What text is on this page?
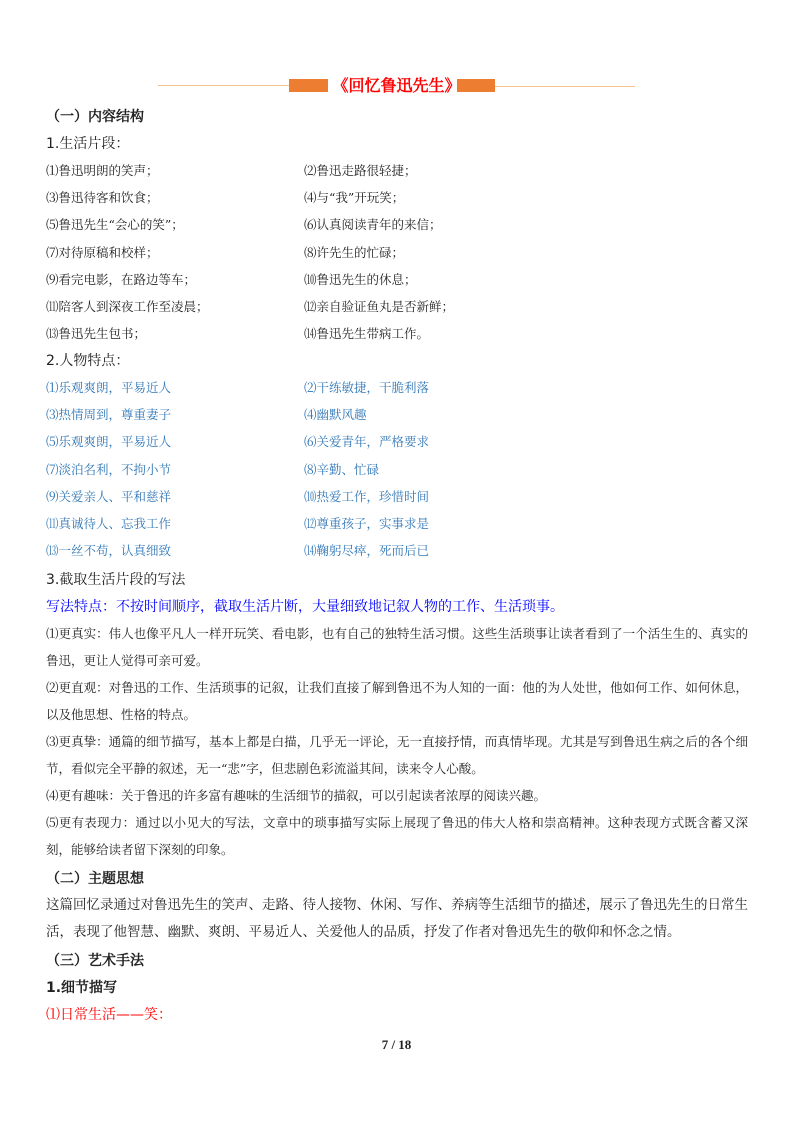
《回忆鲁迅先生》
（一）内容结构
1.生活片段：
⑴鲁迅明朗的笑声；	⑵鲁迅走路很轻捷；
⑶鲁迅待客和饮食；	⑷与“我”开玩笑；
⑸鲁迅先生“会心的笑”；	⑹认真阅读青年的来信；
⑺对待原稿和校样；	⑻许先生的忙碌；
⑼看完电影，在路边等车；	⑽鲁迅先生的休息；
⑾陪客人到深夜工作至凌晨；	⑿亲自验证鱼丸是否新鲜；
⒀鲁迅先生包书；	⒁鲁迅先生带病工作。
2.人物特点：
⑴乐观爽朗，平易近人	⑵干练敏捷，干脆利落
⑶热情周到，尊重妻子	⑷幽默风趣
⑸乐观爽朗，平易近人	⑹关爱青年，严格要求
⑺淡泊名利，不拘小节	⑻辛勤、忙碌
⑼关爱亲人、平和慈祥	⑽热爱工作，珍惜时间
⑾真诚待人、忘我工作	⑿尊重孩子，实事求是
⒀一丝不苟，认真细致	⒁鞠躬尽瘁，死而后已
3.截取生活片段的写法
写法特点：不按时间顺序，截取生活片断，大量细致地记叙人物的工作、生活琐事。
⑴更真实：伟人也像平凡人一样开玩笑、看电影，也有自己的独特生活习惯。这些生活琐事让读者看到了一个活生生的、真实的鲁迅，更让人觉得可亲可爱。
⑵更直观：对鲁迅的工作、生活琐事的记叙，让我们直接了解到鲁迅不为人知的一面：他的为人处世，他如何工作、如何休息，以及他思想、性格的特点。
⑶更真挚：通篇的细节描写，基本上都是白描，几乎无一评论，无一直接抒情，而真情毕现。尤其是写到鲁迅生病之后的各个细节，看似完全平静的叙述，无一“悲”字，但悲剧色彩流溢其间，读来令人心酸。
⑷更有趣味：关于鲁迅的许多富有趣味的生活细节的描叙，可以引起读者浓厚的阅读兴趣。
⑸更有表现力：通过以小见大的写法，文章中的琐事描写实际上展现了鲁迅的伟大人格和崇高精神。这种表现方式既含蓄又深刻，能够给读者留下深刻的印象。
（二）主题思想
这篇回忆录通过对鲁迅先生的笑声、走路、待人接物、休闲、写作、养病等生活细节的描述，展示了鲁迅先生的日常生活，表现了他智慧、幽默、爽朗、平易近人、关爱他人的品质，抒发了作者对鲁迅先生的敬仰和怀念之情。
（三）艺术手法
1.细节描写
⑴日常生活——笑：
7 / 18
